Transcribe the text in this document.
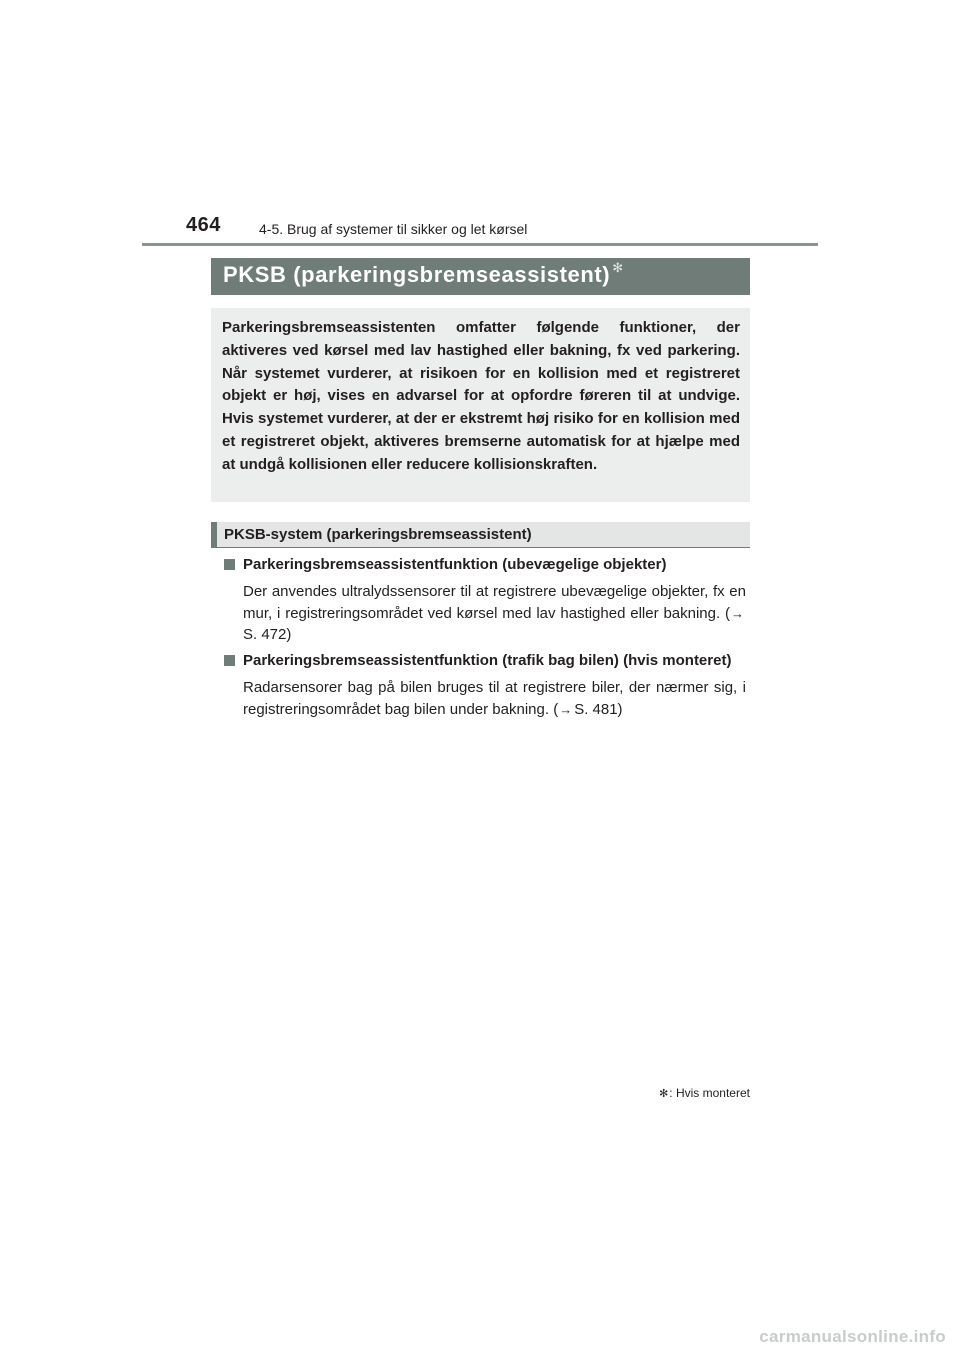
464	4-5. Brug af systemer til sikker og let kørsel
PKSB (parkeringsbremseassistent) ✻

Parkeringsbremseassistenten omfatter følgende funktioner, der aktiveres ved kørsel med lav hastighed eller bakning, fx ved parkering. Når systemet vurderer, at risikoen for en kollision med et registreret objekt er høj, vises en advarsel for at opfordre føreren til at undvige. Hvis systemet vurderer, at der er ekstremt høj risiko for en kollision med et registreret objekt, aktiveres bremserne automatisk for at hjælpe med at undgå kollisionen eller reducere kollisionskraften.

PKSB-system (parkeringsbremseassistent)
Parkeringsbremseassistentfunktion (ubevægelige objekter)
Der anvendes ultralydssensorer til at registrere ubevægelige objekter, fx en mur, i registreringsområdet ved kørsel med lav hastighed eller bakning. (→S. 472)
Parkeringsbremseassistentfunktion (trafik bag bilen) (hvis monteret)
Radarsensorer bag på bilen bruges til at registrere biler, der nærmer sig, i registreringsområdet bag bilen under bakning. (→ S. 481)
✻: Hvis monteret
carmanualsonline.info
